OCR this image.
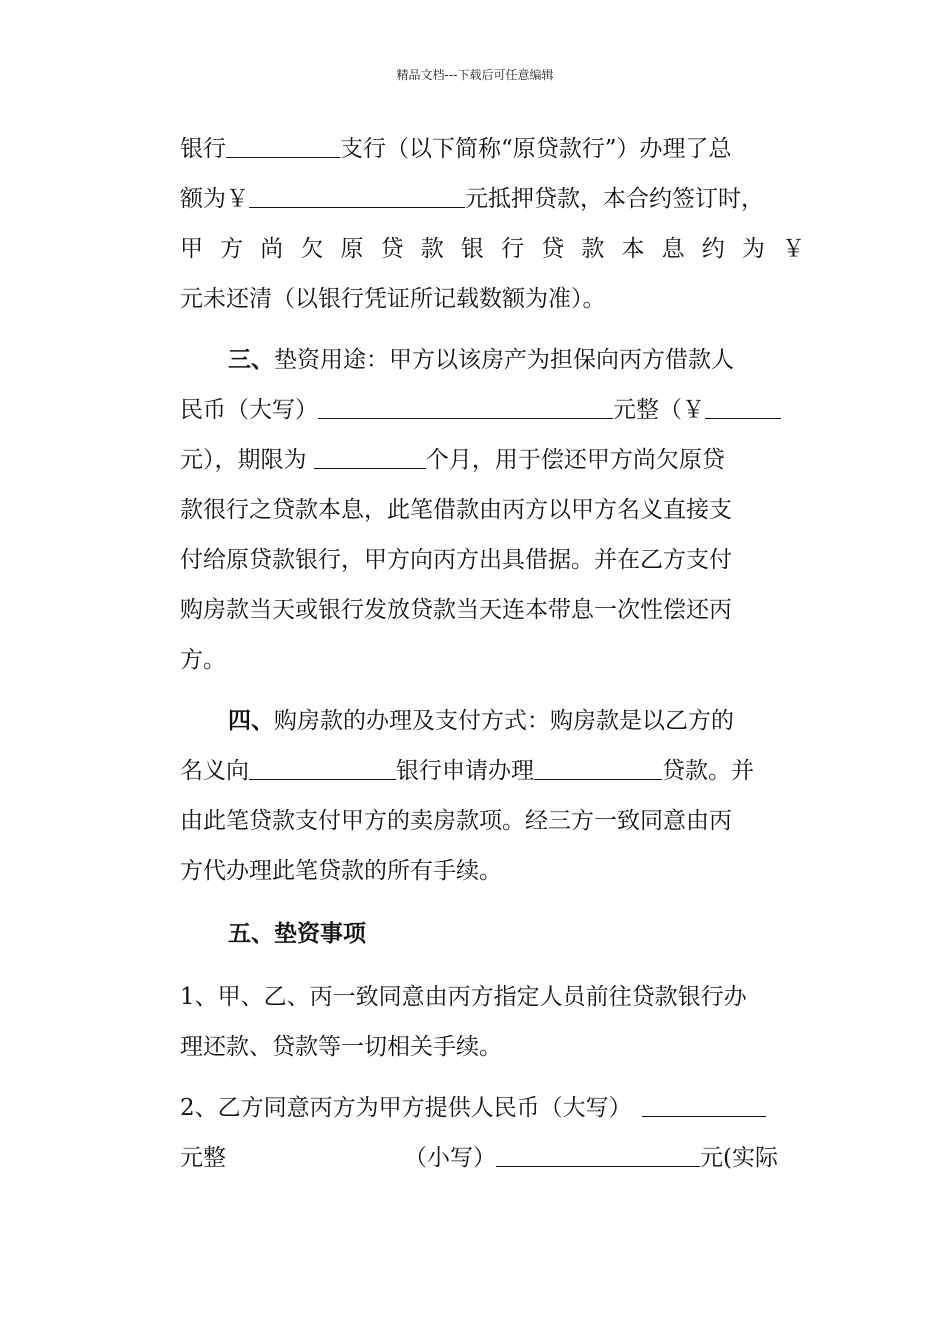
精品文档---下载后可任意编辑
银行	支行（以下简称“原贷款行”）办理了总
额为￥	元抵押贷款，本合约签订时，
甲方尚欠原贷款银行贷款本息约为￥
元未还清（以银行凭证所记载数额为准）。
三、垫资用途：甲方以该房产为担保向丙方借款人
民币（大写）	元整（￥
元），期限为	个月，用于偿还甲方尚欠原贷
款很行之贷款本息，此笔借款由丙方以甲方名义直接支
付给原贷款银行，甲方向丙方出具借据。并在乙方支付
购房款当天或银行发放贷款当天连本带息一次性偿还丙
方。
四、购房款的办理及支付方式：购房款是以乙方的
名义向	银行申请办理	贷款。并
由此笔贷款支付甲方的卖房款项。经三方一致同意由丙
方代办理此笔贷款的所有手续。
五、垫资事项
1、甲、乙、丙一致同意由丙方指定人员前往贷款银行办
理还款、贷款等一切相关手续。
2、乙方同意丙方为甲方提供人民币（大写）
元整	（小写）	元(实际
